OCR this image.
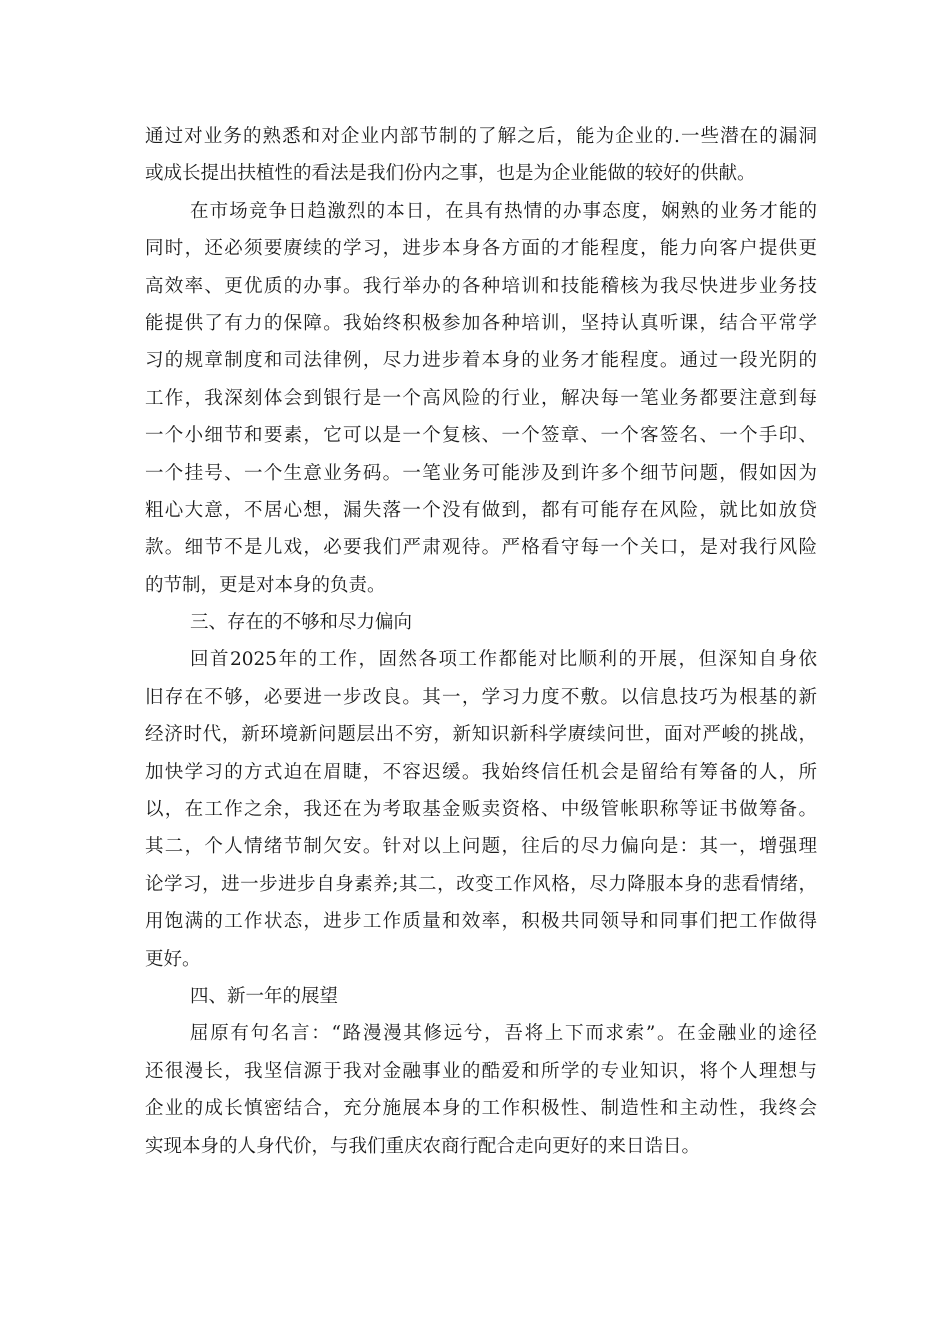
通过对业务的熟悉和对企业内部节制的了解之后，能为企业的.一些潜在的漏洞
或成长提出扶植性的看法是我们份内之事，也是为企业能做的较好的供献。
在市场竞争日趋激烈的本日，在具有热情的办事态度，娴熟的业务才能的
同时，还必须要赓续的学习，进步本身各方面的才能程度，能力向客户提供更
高效率、更优质的办事。我行举办的各种培训和技能稽核为我尽快进步业务技
能提供了有力的保障。我始终积极参加各种培训，坚持认真听课，结合平常学
习的规章制度和司法律例，尽力进步着本身的业务才能程度。通过一段光阴的
工作，我深刻体会到银行是一个高风险的行业，解决每一笔业务都要注意到每
一个小细节和要素，它可以是一个复核、一个签章、一个客签名、一个手印、
一个挂号、一个生意业务码。一笔业务可能涉及到许多个细节问题，假如因为
粗心大意，不居心想，漏失落一个没有做到，都有可能存在风险，就比如放贷
款。细节不是儿戏，必要我们严肃观待。严格看守每一个关口，是对我行风险
的节制，更是对本身的负责。
三、存在的不够和尽力偏向
回首2025年的工作，固然各项工作都能对比顺利的开展，但深知自身依
旧存在不够，必要进一步改良。其一，学习力度不敷。以信息技巧为根基的新
经济时代，新环境新问题层出不穷，新知识新科学赓续问世，面对严峻的挑战，
加快学习的方式迫在眉睫，不容迟缓。我始终信任机会是留给有筹备的人，所
以，在工作之余，我还在为考取基金贩卖资格、中级管帐职称等证书做筹备。
其二，个人情绪节制欠安。针对以上问题，往后的尽力偏向是：其一，增强理
论学习，进一步进步自身素养;其二，改变工作风格，尽力降服本身的悲看情绪，
用饱满的工作状态，进步工作质量和效率，积极共同领导和同事们把工作做得
更好。
四、新一年的展望
屈原有句名言：“路漫漫其修远兮，吾将上下而求索”。在金融业的途径
还很漫长，我坚信源于我对金融事业的酷爱和所学的专业知识，将个人理想与
企业的成长慎密结合，充分施展本身的工作积极性、制造性和主动性，我终会
实现本身的人身代价，与我们重庆农商行配合走向更好的来日诰日。
